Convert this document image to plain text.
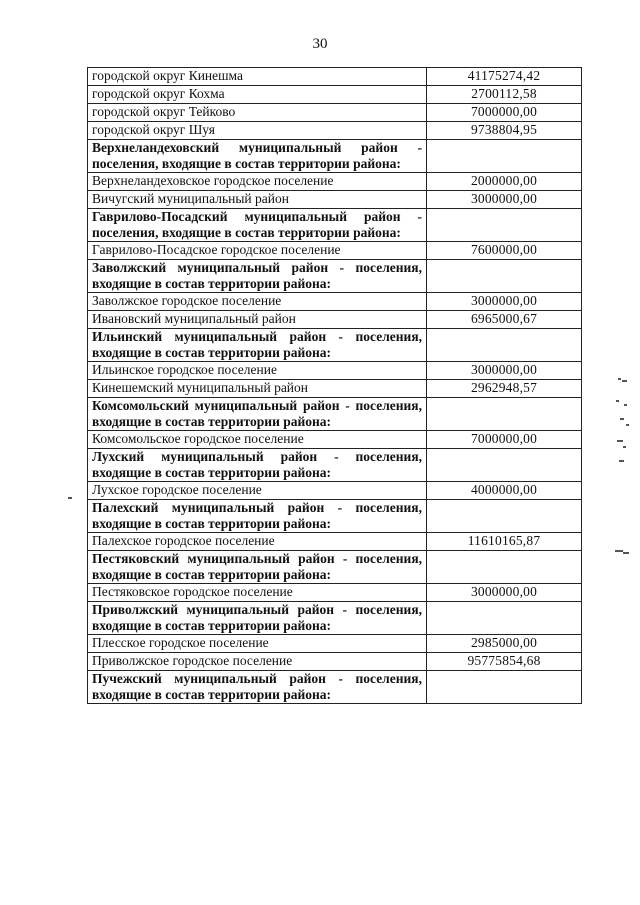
30
городской округ Кинешма	41175274,42
городской округ Кохма	2700112,58
городской округ Тейково	7000000,00
городской округ Шуя	9738804,95
Верхнеландеховский муниципальный район - поселения, входящие в состав территории района:	
Верхнеландеховское городское поселение	2000000,00
Вичугский муниципальный район	3000000,00
Гаврилово-Посадский муниципальный район - поселения, входящие в состав территории района:	
Гаврилово-Посадское городское поселение	7600000,00
Заволжский муниципальный район - поселения, входящие в состав территории района:	
Заволжское городское поселение	3000000,00
Ивановский муниципальный район	6965000,67
Ильинский муниципальный район - поселения, входящие в состав территории района:	
Ильинское городское поселение	3000000,00
Кинешемский муниципальный район	2962948,57
Комсомольский муниципальный район - поселения, входящие в состав территории района:	
Комсомольское городское поселение	7000000,00
Лухский муниципальный район - поселения, входящие в состав территории района:	
Лухское городское поселение	4000000,00
Палехский муниципальный район - поселения, входящие в состав территории района:	
Палехское городское поселение	11610165,87
Пестяковский муниципальный район - поселения, входящие в состав территории района:	
Пестяковское городское поселение	3000000,00
Приволжский муниципальный район - поселения, входящие в состав территории района:	
Плесское городское поселение	2985000,00
Приволжское городское поселение	95775854,68
Пучежский муниципальный район - поселения, входящие в состав территории района:	
